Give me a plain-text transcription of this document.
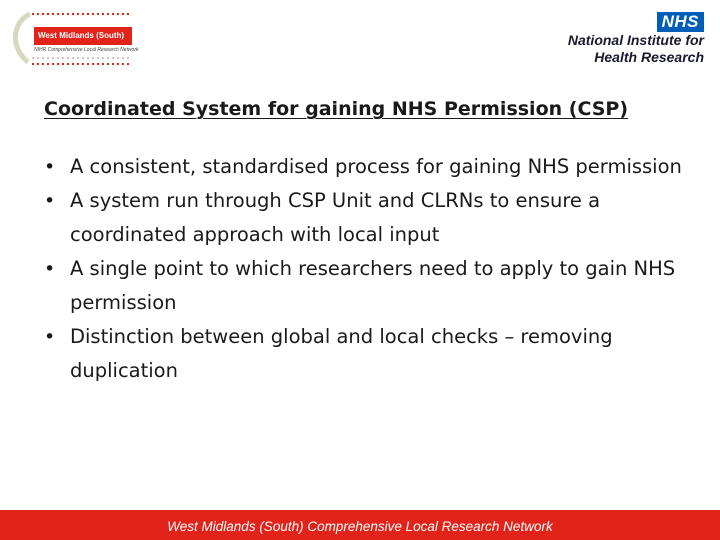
West Midlands (South)
NIHR Comprehensive Local Research Network
NHS
National Institute for
Health Research
Coordinated System for gaining NHS Permission (CSP)
• A consistent, standardised process for gaining NHS permission
• A system run through CSP Unit and CLRNs to ensure a coordinated approach with local input
• A single point to which researchers need to apply to gain NHS permission
• Distinction between global and local checks – removing duplication
West Midlands (South) Comprehensive Local Research Network
